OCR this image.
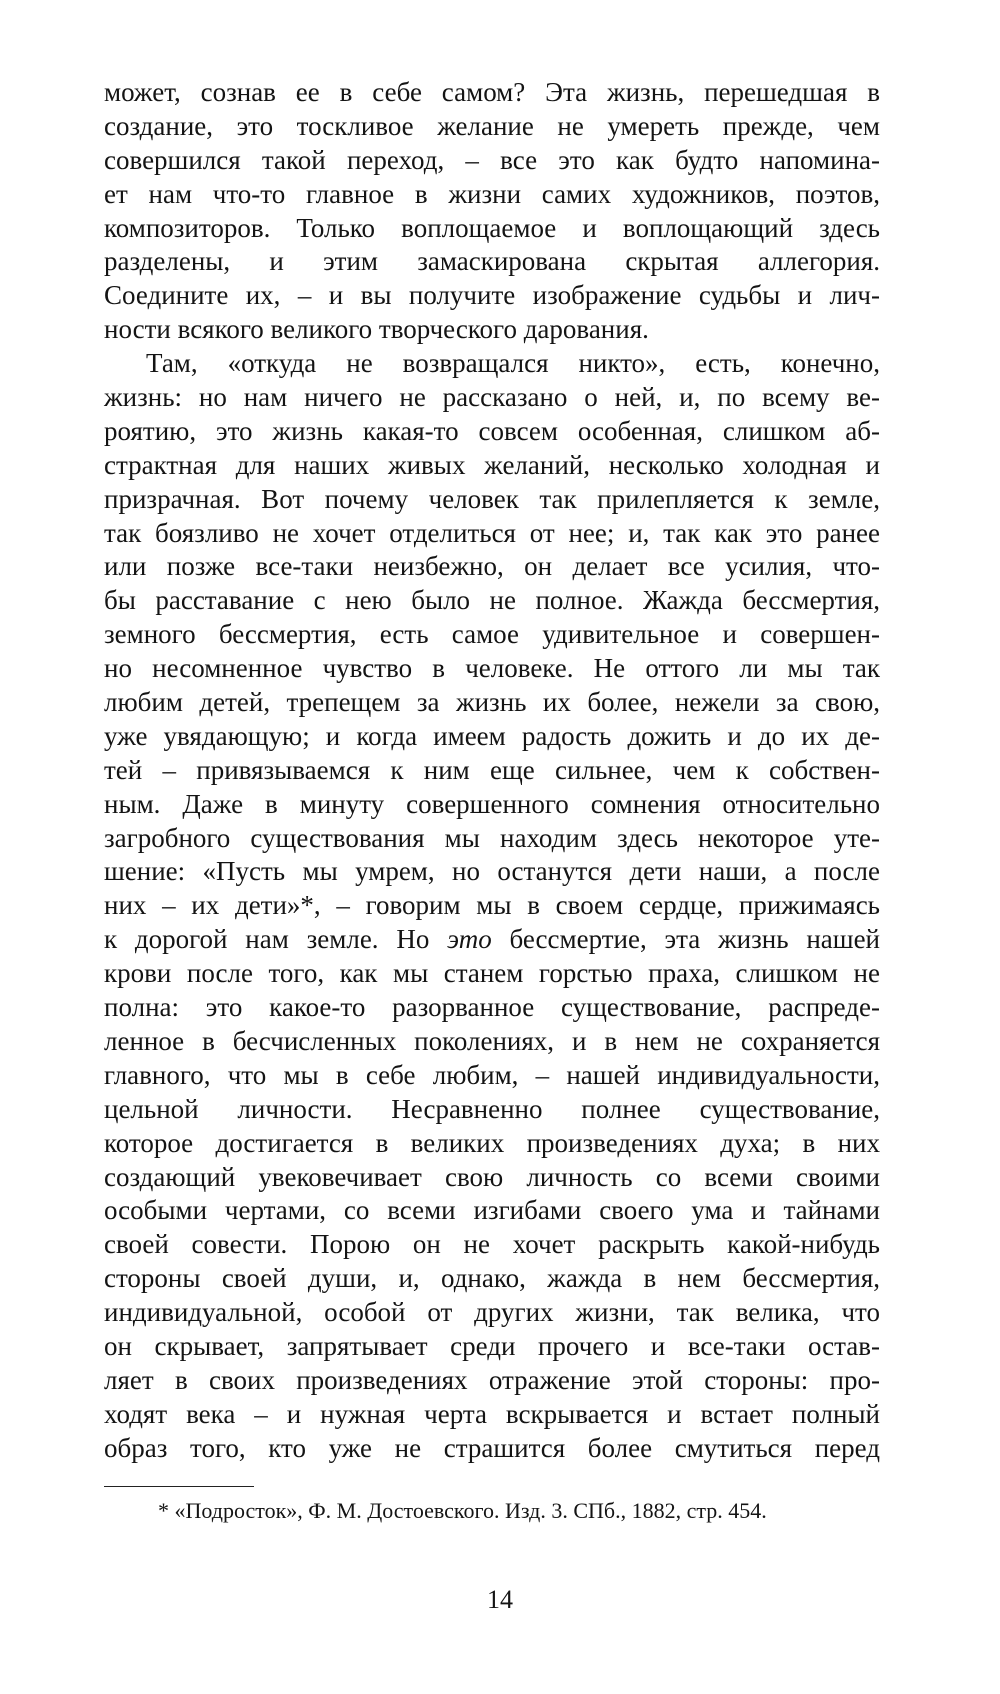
может, сознав ее в себе самом? Эта жизнь, перешедшая в
создание, это тоскливое желание не умереть прежде, чем
совершился такой переход, – все это как будто напомина-
ет нам что-то главное в жизни самих художников, поэтов,
композиторов. Только воплощаемое и воплощающий здесь
разделены, и этим замаскирована скрытая аллегория.
Соедините их, – и вы получите изображение судьбы и лич-
ности всякого великого творческого дарования.
Там, «откуда не возвращался никто», есть, конечно,
жизнь: но нам ничего не рассказано о ней, и, по всему ве-
роятию, это жизнь какая-то совсем особенная, слишком аб-
страктная для наших живых желаний, несколько холодная и
призрачная. Вот почему человек так прилепляется к земле,
так боязливо не хочет отделиться от нее; и, так как это ранее
или позже все-таки неизбежно, он делает все усилия, что-
бы расставание с нею было не полное. Жажда бессмертия,
земного бессмертия, есть самое удивительное и совершен-
но несомненное чувство в человеке. Не оттого ли мы так
любим детей, трепещем за жизнь их более, нежели за свою,
уже увядающую; и когда имеем радость дожить и до их де-
тей – привязываемся к ним еще сильнее, чем к собствен-
ным. Даже в минуту совершенного сомнения относительно
загробного существования мы находим здесь некоторое уте-
шение: «Пусть мы умрем, но останутся дети наши, а после
них – их дети»*, – говорим мы в своем сердце, прижимаясь
к дорогой нам земле. Но это бессмертие, эта жизнь нашей
крови после того, как мы станем горстью праха, слишком не
полна: это какое-то разорванное существование, распреде-
ленное в бесчисленных поколениях, и в нем не сохраняется
главного, что мы в себе любим, – нашей индивидуальности,
цельной личности. Несравненно полнее существование,
которое достигается в великих произведениях духа; в них
создающий увековечивает свою личность со всеми своими
особыми чертами, со всеми изгибами своего ума и тайнами
своей совести. Порою он не хочет раскрыть какой-нибудь
стороны своей души, и, однако, жажда в нем бессмертия,
индивидуальной, особой от других жизни, так велика, что
он скрывает, запрятывает среди прочего и все-таки остав-
ляет в своих произведениях отражение этой стороны: про-
ходят века – и нужная черта вскрывается и встает полный
образ того, кто уже не страшится более смутиться перед
* «Подросток», Ф. М. Достоевского. Изд. 3. СПб., 1882, стр. 454.
14
